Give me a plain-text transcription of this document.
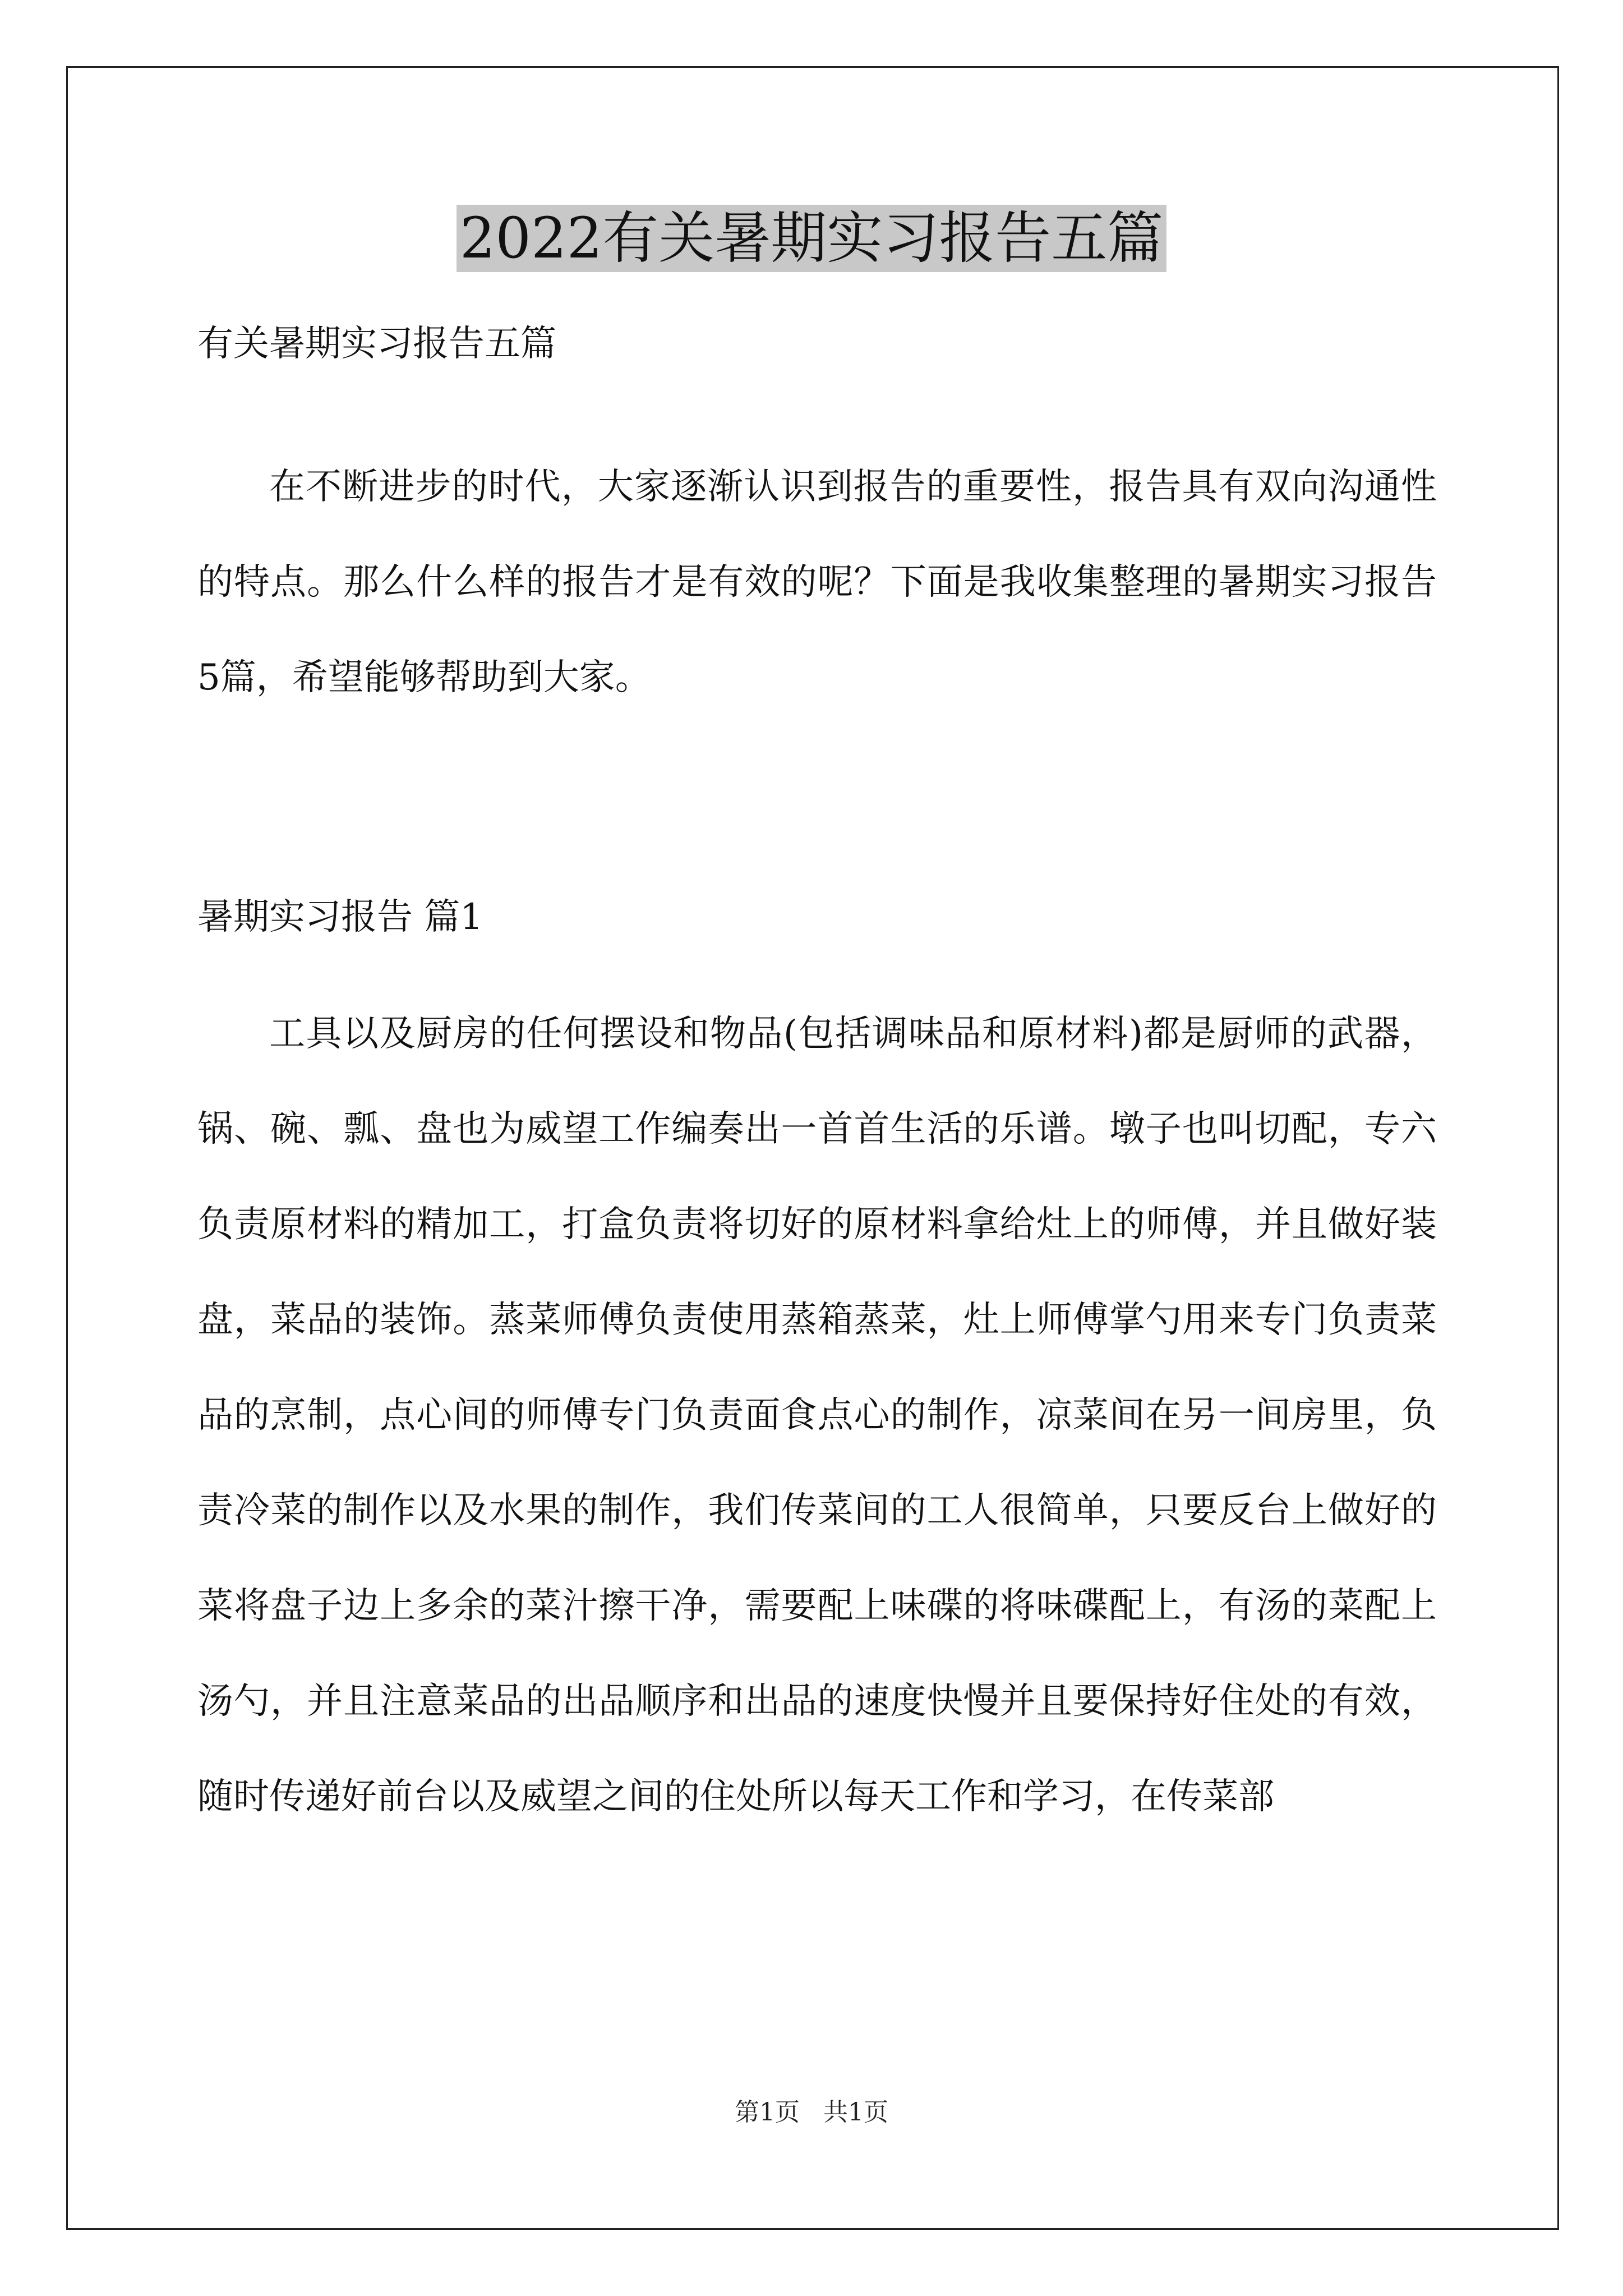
2022有关暑期实习报告五篇
有关暑期实习报告五篇
在不断进步的时代，大家逐渐认识到报告的重要性，报告具有双向沟通性的特点。那么什么样的报告才是有效的呢？下面是我收集整理的暑期实习报告5篇，希望能够帮助到大家。
暑期实习报告 篇1
工具以及厨房的任何摆设和物品(包括调味品和原材料)都是厨师的武器，锅、碗、瓢、盘也为威望工作编奏出一首首生活的乐谱。墩子也叫切配，专六负责原材料的精加工，打盒负责将切好的原材料拿给灶上的师傅，并且做好装盘，菜品的装饰。蒸菜师傅负责使用蒸箱蒸菜，灶上师傅掌勺用来专门负责菜品的烹制，点心间的师傅专门负责面食点心的制作，凉菜间在另一间房里，负责冷菜的制作以及水果的制作，我们传菜间的工人很简单，只要反台上做好的菜将盘子边上多余的菜汁擦干净，需要配上味碟的将味碟配上，有汤的菜配上汤勺，并且注意菜品的出品顺序和出品的速度快慢并且要保持好住处的有效，随时传递好前台以及威望之间的住处所以每天工作和学习，在传菜部
第1页   共1页
